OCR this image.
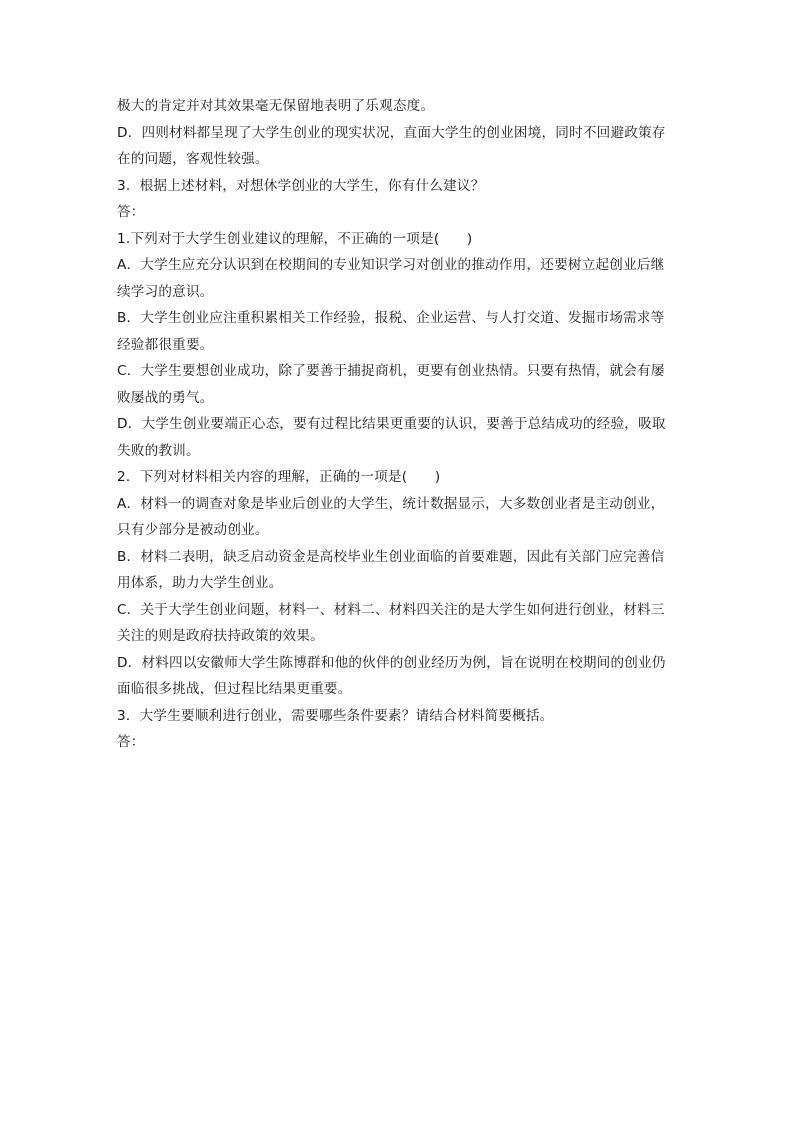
极大的肯定并对其效果毫无保留地表明了乐观态度。
D．四则材料都呈现了大学生创业的现实状况，直面大学生的创业困境，同时不回避政策存
在的问题，客观性较强。
3．根据上述材料，对想休学创业的大学生，你有什么建议？
答：
1.下列对于大学生创业建议的理解，不正确的一项是(　　)
A．大学生应充分认识到在校期间的专业知识学习对创业的推动作用，还要树立起创业后继
续学习的意识。
B．大学生创业应注重积累相关工作经验，报税、企业运营、与人打交道、发掘市场需求等
经验都很重要。
C．大学生要想创业成功，除了要善于捕捉商机，更要有创业热情。只要有热情，就会有屡
败屡战的勇气。
D．大学生创业要端正心态，要有过程比结果更重要的认识，要善于总结成功的经验，吸取
失败的教训。
2．下列对材料相关内容的理解，正确的一项是(　　)
A．材料一的调查对象是毕业后创业的大学生，统计数据显示，大多数创业者是主动创业，
只有少部分是被动创业。
B．材料二表明，缺乏启动资金是高校毕业生创业面临的首要难题，因此有关部门应完善信
用体系，助力大学生创业。
C．关于大学生创业问题，材料一、材料二、材料四关注的是大学生如何进行创业，材料三
关注的则是政府扶持政策的效果。
D．材料四以安徽师大学生陈博群和他的伙伴的创业经历为例，旨在说明在校期间的创业仍
面临很多挑战，但过程比结果更重要。
3．大学生要顺利进行创业，需要哪些条件要素？请结合材料简要概括。
答：
